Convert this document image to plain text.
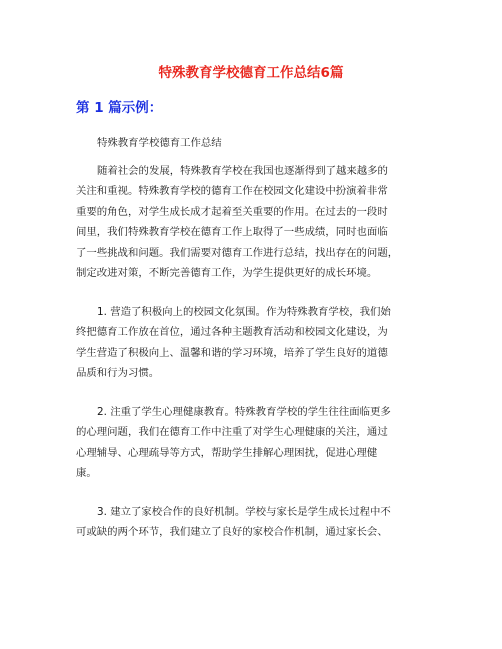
特殊教育学校德育工作总结6篇
第 1 篇示例：

特殊教育学校德育工作总结

随着社会的发展，特殊教育学校在我国也逐渐得到了越来越多的
关注和重视。特殊教育学校的德育工作在校园文化建设中扮演着非常
重要的角色，对学生成长成才起着至关重要的作用。在过去的一段时
间里，我们特殊教育学校在德育工作上取得了一些成绩，同时也面临
了一些挑战和问题。我们需要对德育工作进行总结，找出存在的问题，
制定改进对策，不断完善德育工作，为学生提供更好的成长环境。

1. 营造了积极向上的校园文化氛围。作为特殊教育学校，我们始
终把德育工作放在首位，通过各种主题教育活动和校园文化建设，为
学生营造了积极向上、温馨和谐的学习环境，培养了学生良好的道德
品质和行为习惯。

2. 注重了学生心理健康教育。特殊教育学校的学生往往面临更多
的心理问题，我们在德育工作中注重了对学生心理健康的关注，通过
心理辅导、心理疏导等方式，帮助学生排解心理困扰，促进心理健
康。

3. 建立了家校合作的良好机制。学校与家长是学生成长过程中不
可或缺的两个环节，我们建立了良好的家校合作机制，通过家长会、
